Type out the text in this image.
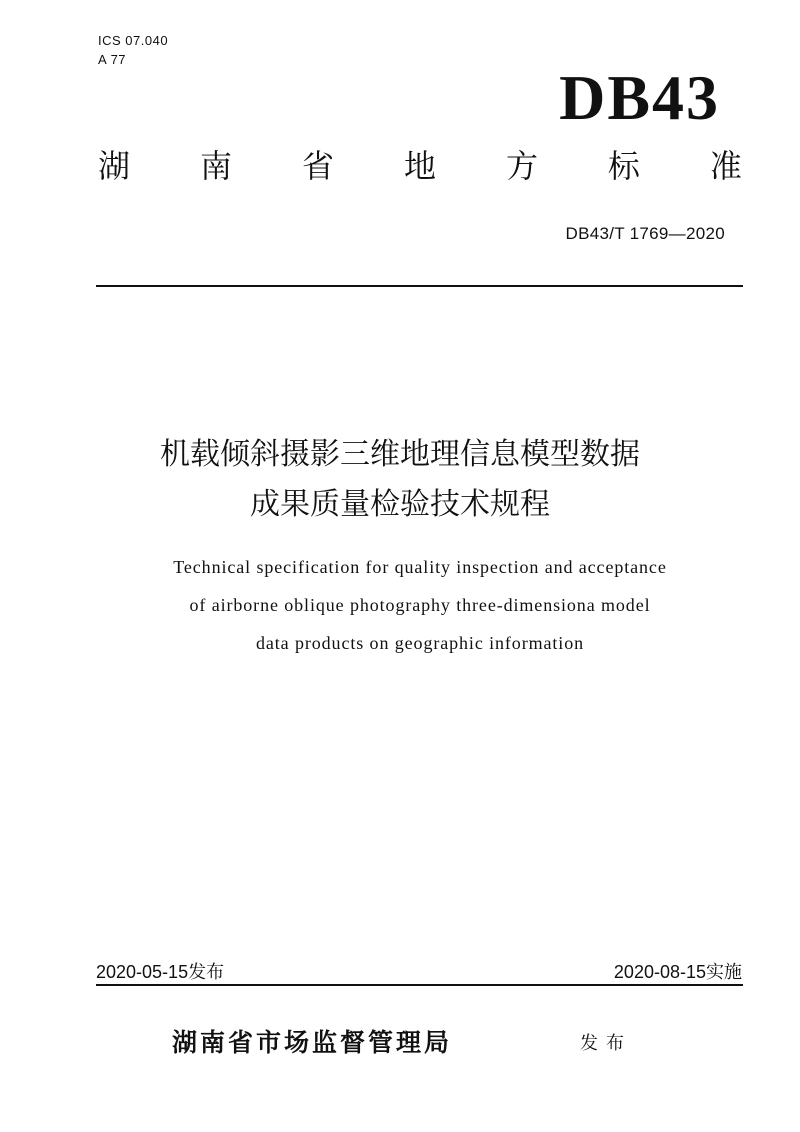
ICS 07.040
A 77
DB43
湖 南 省 地 方 标 准
DB43/T 1769—2020
机载倾斜摄影三维地理信息模型数据
成果质量检验技术规程
Technical specification for quality inspection and acceptance
of airborne oblique photography three-dimensiona model
data products on geographic information
2020-05-15发布	2020-08-15实施
湖南省市场监督管理局	发布
